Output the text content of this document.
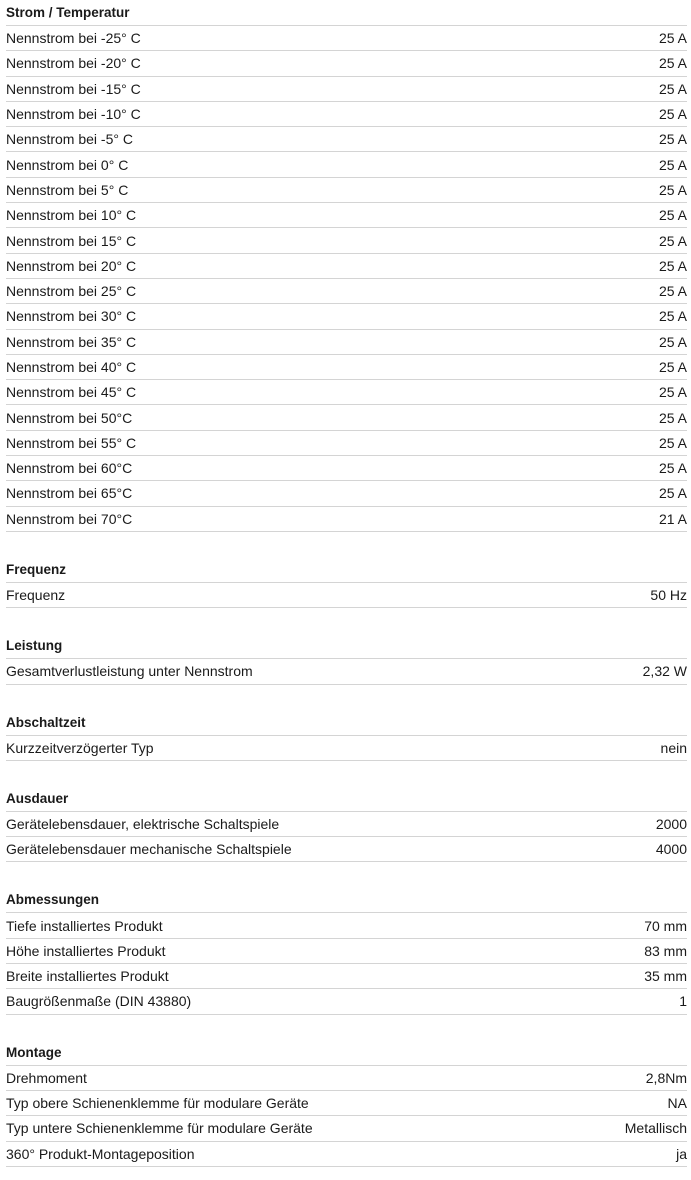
Strom / Temperatur
Nennstrom bei -25° C	25 A
Nennstrom bei -20° C	25 A
Nennstrom bei -15° C	25 A
Nennstrom bei -10° C	25 A
Nennstrom bei -5° C	25 A
Nennstrom bei 0° C	25 A
Nennstrom bei 5° C	25 A
Nennstrom bei 10° C	25 A
Nennstrom bei 15° C	25 A
Nennstrom bei 20° C	25 A
Nennstrom bei 25° C	25 A
Nennstrom bei 30° C	25 A
Nennstrom bei 35° C	25 A
Nennstrom bei 40° C	25 A
Nennstrom bei 45° C	25 A
Nennstrom bei 50°C	25 A
Nennstrom bei 55° C	25 A
Nennstrom bei 60°C	25 A
Nennstrom bei 65°C	25 A
Nennstrom bei 70°C	21 A
Frequenz
Frequenz	50 Hz
Leistung
Gesamtverlustleistung unter Nennstrom	2,32 W
Abschaltzeit
Kurzzeitverzögerter Typ	nein
Ausdauer
Gerätelebensdauer, elektrische Schaltspiele	2000
Gerätelebensdauer mechanische Schaltspiele	4000
Abmessungen
Tiefe installiertes Produkt	70 mm
Höhe installiertes Produkt	83 mm
Breite installiertes Produkt	35 mm
Baugrößenmaße (DIN 43880)	1
Montage
Drehmoment	2,8Nm
Typ obere Schienenklemme für modulare Geräte	NA
Typ untere Schienenklemme für modulare Geräte	Metallisch
360° Produkt-Montageposition	ja
